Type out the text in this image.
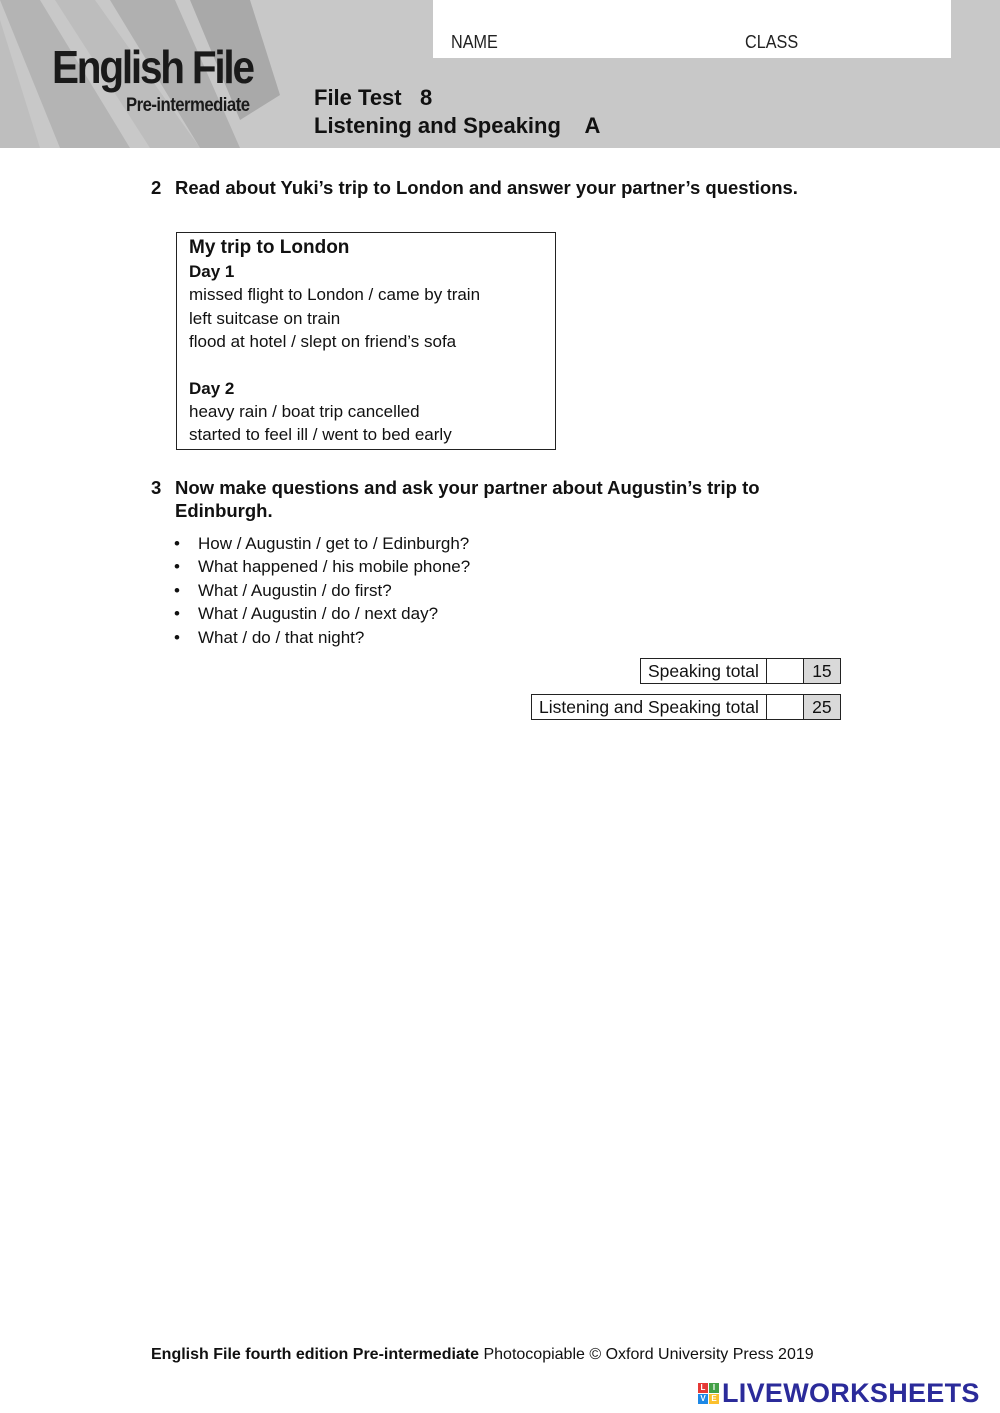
English File
Pre-intermediate
NAME	CLASS
File Test   8
Listening and Speaking    A
2 Read about Yuki’s trip to London and answer your partner’s questions.
My trip to London
Day 1
missed flight to London / came by train
left suitcase on train
flood at hotel / slept on friend’s sofa
Day 2
heavy rain / boat trip cancelled
started to feel ill / went to bed early
3 Now make questions and ask your partner about Augustin’s trip to Edinburgh.
• How / Augustin / get to / Edinburgh?
• What happened / his mobile phone?
• What / Augustin / do first?
• What / Augustin / do / next day?
• What / do / that night?
Speaking total	15
Listening and Speaking total	25
English File fourth edition Pre-intermediate Photocopiable © Oxford University Press 2019
L I
V E LIVEWORKSHEETS
